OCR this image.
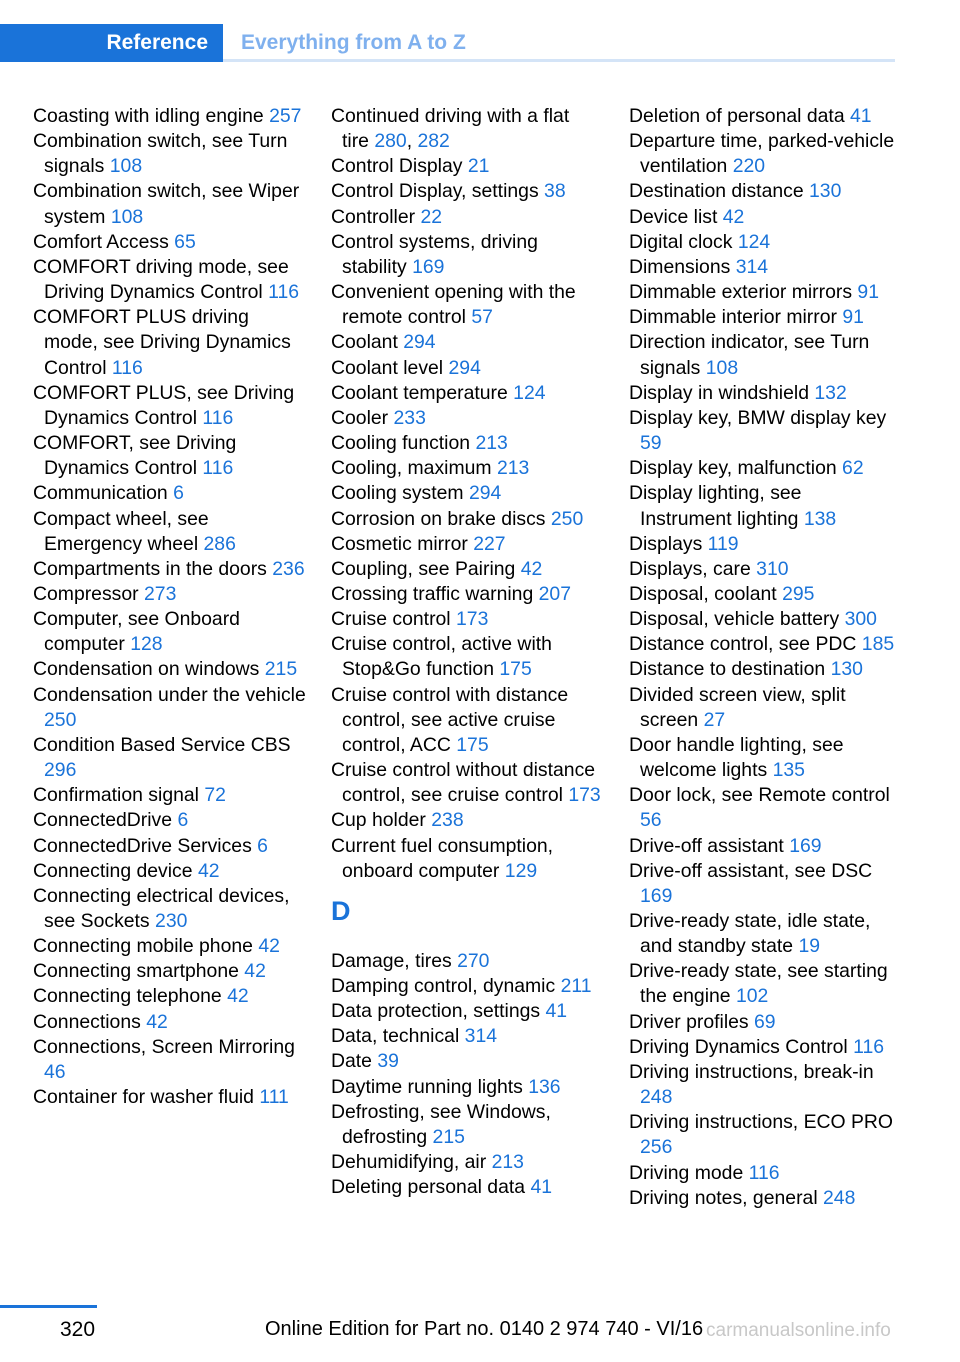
Reference	Everything from A to Z
Coasting with idling engine 257
Combination switch, see Turn signals 108
Combination switch, see Wiper system 108
Comfort Access 65
COMFORT driving mode, see Driving Dynamics Control 116
COMFORT PLUS driving mode, see Driving Dynamics Control 116
COMFORT PLUS, see Driving Dynamics Control 116
COMFORT, see Driving Dynamics Control 116
Communication 6
Compact wheel, see Emergency wheel 286
Compartments in the doors 236
Compressor 273
Computer, see Onboard computer 128
Condensation on windows 215
Condensation under the vehicle 250
Condition Based Service CBS 296
Confirmation signal 72
ConnectedDrive 6
ConnectedDrive Services 6
Connecting device 42
Connecting electrical devices, see Sockets 230
Connecting mobile phone 42
Connecting smartphone 42
Connecting telephone 42
Connections 42
Connections, Screen Mirroring 46
Container for washer fluid 111
Continued driving with a flat tire 280, 282
Control Display 21
Control Display, settings 38
Controller 22
Control systems, driving stability 169
Convenient opening with the remote control 57
Coolant 294
Coolant level 294
Coolant temperature 124
Cooler 233
Cooling function 213
Cooling, maximum 213
Cooling system 294
Corrosion on brake discs 250
Cosmetic mirror 227
Coupling, see Pairing 42
Crossing traffic warning 207
Cruise control 173
Cruise control, active with Stop&Go function 175
Cruise control with distance control, see active cruise control, ACC 175
Cruise control without distance control, see cruise control 173
Cup holder 238
Current fuel consumption, onboard computer 129
D
Damage, tires 270
Damping control, dynamic 211
Data protection, settings 41
Data, technical 314
Date 39
Daytime running lights 136
Defrosting, see Windows, defrosting 215
Dehumidifying, air 213
Deleting personal data 41
Deletion of personal data 41
Departure time, parked-vehicle ventilation 220
Destination distance 130
Device list 42
Digital clock 124
Dimensions 314
Dimmable exterior mirrors 91
Dimmable interior mirror 91
Direction indicator, see Turn signals 108
Display in windshield 132
Display key, BMW display key 59
Display key, malfunction 62
Display lighting, see Instrument lighting 138
Displays 119
Displays, care 310
Disposal, coolant 295
Disposal, vehicle battery 300
Distance control, see PDC 185
Distance to destination 130
Divided screen view, split screen 27
Door handle lighting, see welcome lights 135
Door lock, see Remote control 56
Drive-off assistant 169
Drive-off assistant, see DSC 169
Drive-ready state, idle state, and standby state 19
Drive-ready state, see starting the engine 102
Driver profiles 69
Driving Dynamics Control 116
Driving instructions, break-in 248
Driving instructions, ECO PRO 256
Driving mode 116
Driving notes, general 248
320	Online Edition for Part no. 0140 2 974 740 - VI/16 carmanualsonline.info
